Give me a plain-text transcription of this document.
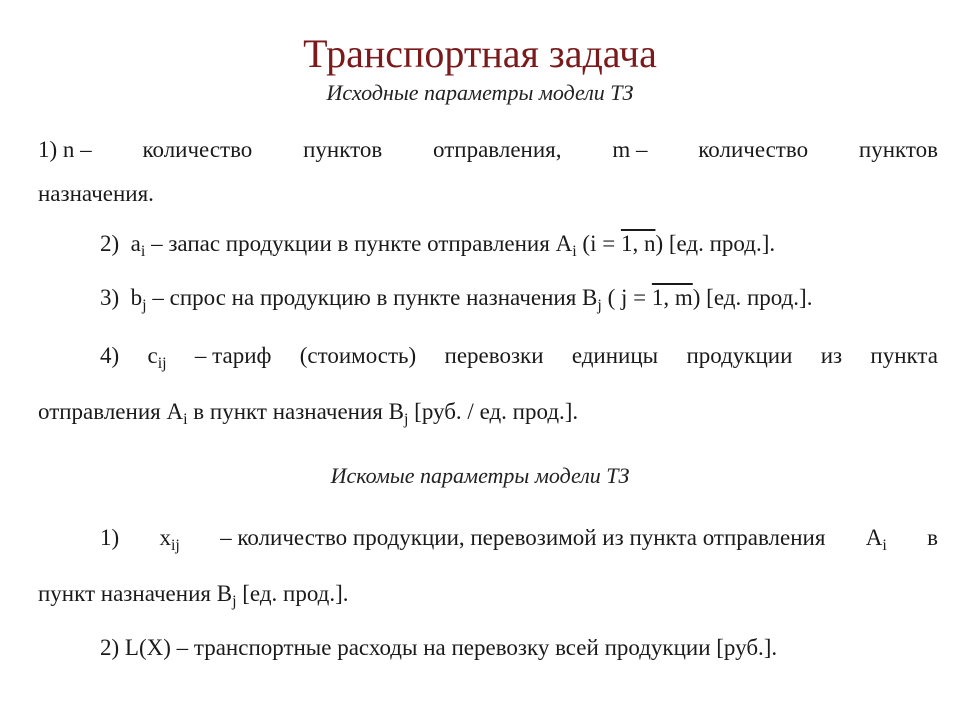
Транспортная задача
Исходные параметры модели ТЗ
1) n – количество пунктов отправления, m – количество пунктов
назначения.
2) $a_i$ – запас продукции в пункте отправления $A_i$ (i = 1, n) [ед. прод.].
3) $b_j$ – спрос на продукцию в пункте назначения $B_j$ ( j = 1, m) [ед. прод.].
4) $c_{ij}$ – тариф (стоимость) перевозки единицы продукции из пункта
отправления $A_i$ в пункт назначения $B_j$ [руб. / ед. прод.].
Искомые параметры модели ТЗ
1) $x_{ij}$ – количество продукции, перевозимой из пункта отправления $A_i$ в
пункт назначения $B_j$ [ед. прод.].
2) L(X) – транспортные расходы на перевозку всей продукции [руб.].
